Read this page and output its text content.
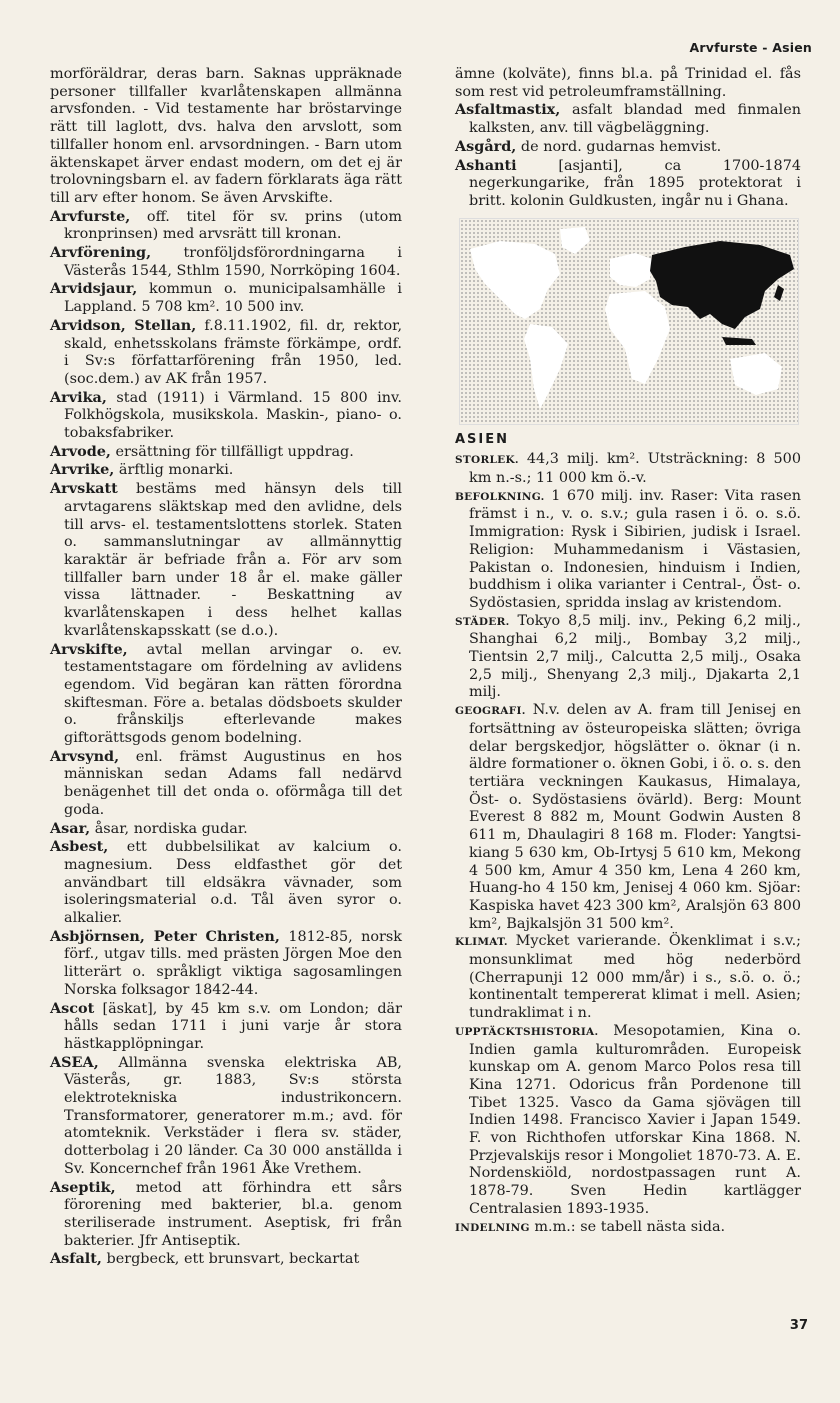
Arvfurste - Asien

morföräldrar, deras barn. Saknas uppräknade personer tillfaller kvarlåtenskapen allmänna arvsfonden. - Vid testamente har bröstarvinge rätt till laglott, dvs. halva den arvslott, som tillfaller honom enl. arvsordningen. - Barn utom äktenskapet ärver endast modern, om det ej är trolovningsbarn el. av fadern förklarats äga rätt till arv efter honom. Se även Arvskifte.

Arvfurste, off. titel för sv. prins (utom kronprinsen) med arvsrätt till kronan.

Arvförening, tronföljdsförordningarna i Västerås 1544, Sthlm 1590, Norrköping 1604.

Arvidsjaur, kommun o. municipalsamhälle i Lappland. 5 708 km². 10 500 inv.

Arvidson, Stellan, f.8.11.1902, fil. dr, rektor, skald, enhetsskolans främste förkämpe, ordf. i Sv:s författarförening från 1950, led. (soc.dem.) av AK från 1957.

Arvika, stad (1911) i Värmland. 15 800 inv. Folkhögskola, musikskola. Maskin-, piano- o. tobaksfabriker.

Arvode, ersättning för tillfälligt uppdrag.

Arvrike, ärftlig monarki.

Arvskatt bestäms med hänsyn dels till arvtagarens släktskap med den avlidne, dels till arvs- el. testamentslottens storlek. Staten o. sammanslutningar av allmännyttig karaktär är befriade från a. För arv som tillfaller barn under 18 år el. make gäller vissa lättnader. - Beskattning av kvarlåtenskapen i dess helhet kallas kvarlåtenskapsskatt (se d.o.).

Arvskifte, avtal mellan arvingar o. ev. testamentstagare om fördelning av avlidens egendom. Vid begäran kan rätten förordna skiftesman. Före a. betalas dödsboets skulder o. frånskiljs efterlevande makes giftorättsgods genom bodelning.

Arvsynd, enl. främst Augustinus en hos människan sedan Adams fall nedärvd benägenhet till det onda o. oförmåga till det goda.

Asar, åsar, nordiska gudar.

Asbest, ett dubbelsilikat av kalcium o. magnesium. Dess eldfasthet gör det användbart till eldsäkra vävnader, som isoleringsmaterial o.d. Tål även syror o. alkalier.

Asbjörnsen, Peter Christen, 1812-85, norsk förf., utgav tills. med prästen Jörgen Moe den litterärt o. språkligt viktiga sagosamlingen Norska folksagor 1842-44.

Ascot [äskat], by 45 km s.v. om London; där hålls sedan 1711 i juni varje år stora hästkapplöpningar.

ASEA, Allmänna svenska elektriska AB, Västerås, gr. 1883, Sv:s största elektrotekniska industrikoncern. Transformatorer, generatorer m.m.; avd. för atomteknik. Verkstäder i flera sv. städer, dotterbolag i 20 länder. Ca 30 000 anställda i Sv. Koncernchef från 1961 Åke Vrethem.

Aseptik, metod att förhindra ett sårs förorening med bakterier, bl.a. genom steriliserade instrument. Aseptisk, fri från bakterier. Jfr Antiseptik.

Asfalt, bergbeck, ett brunsvart, beckartat

ämne (kolväte), finns bl.a. på Trinidad el. fås som rest vid petroleumframställning.

Asfaltmastix, asfalt blandad med finmalen kalksten, anv. till vägbeläggning.

Asgård, de nord. gudarnas hemvist.

Ashanti	[asjanti], ca 1700-1874 negerkungarike, från 1895 protektorat i britt. kolonin Guldkusten, ingår nu i Ghana.

ASIEN

STORLEK. 44,3 milj. km². Utsträckning: 8 500 km n.-s.; 11 000 km ö.-v.

BEFOLKNING. 1 670 milj. inv. Raser: Vita rasen främst i n., v. o. s.v.; gula rasen i ö. o. s.ö. Immigration: Rysk i Sibirien, judisk i Israel. Religion: Muhammedanism i Västasien, Pakistan o. Indonesien, hinduism i Indien, buddhism i olika varianter i Central-, Öst- o. Sydöstasien, spridda inslag av kristendom.

STÄDER. Tokyo 8,5 milj. inv., Peking 6,2 milj., Shanghai 6,2 milj., Bombay 3,2 milj., Tientsin 2,7 milj., Calcutta 2,5 milj., Osaka 2,5 milj., Shenyang 2,3 milj., Djakarta 2,1 milj.

GEOGRAFI. N.v. delen av A. fram till Jenisej en fortsättning av östeuropeiska slätten; övriga delar bergskedjor, högslätter o. öknar (i n. äldre formationer o. öknen Gobi, i ö. o. s. den tertiära veckningen Kaukasus, Himalaya, Öst- o. Sydöstasiens övärld). Berg: Mount Everest 8 882 m, Mount Godwin Austen 8 611 m, Dhaulagiri 8 168 m. Floder: Yangtsi-kiang 5 630 km, Ob-Irtysj 5 610 km, Mekong 4 500 km, Amur 4 350 km, Lena 4 260 km, Huang-ho 4 150 km, Jenisej 4 060 km. Sjöar: Kaspiska havet 423 300 km², Aralsjön 63 800 km², Bajkalsjön 31 500 km².

KLIMAT. Mycket varierande. Ökenklimat i s.v.; monsunklimat med hög nederbörd (Cherrapunji 12 000 mm/år) i s., s.ö. o. ö.; kontinentalt tempererat klimat i mell. Asien; tundraklimat i n.

UPPTÄCKTSHISTORIA. Mesopotamien, Kina o. Indien gamla kulturområden. Europeisk kunskap om A. genom Marco Polos resa till Kina 1271. Odoricus från Pordenone till Tibet 1325. Vasco da Gama sjövägen till Indien 1498. Francisco Xavier i Japan 1549. F. von Richthofen utforskar Kina 1868. N. Przjevalskijs resor i Mongoliet 1870-73. A. E. Nordenskiöld, nordostpassagen runt A. 1878-79. Sven Hedin kartlägger Centralasien 1893-1935.

INDELNING m.m.: se tabell nästa sida.

37
